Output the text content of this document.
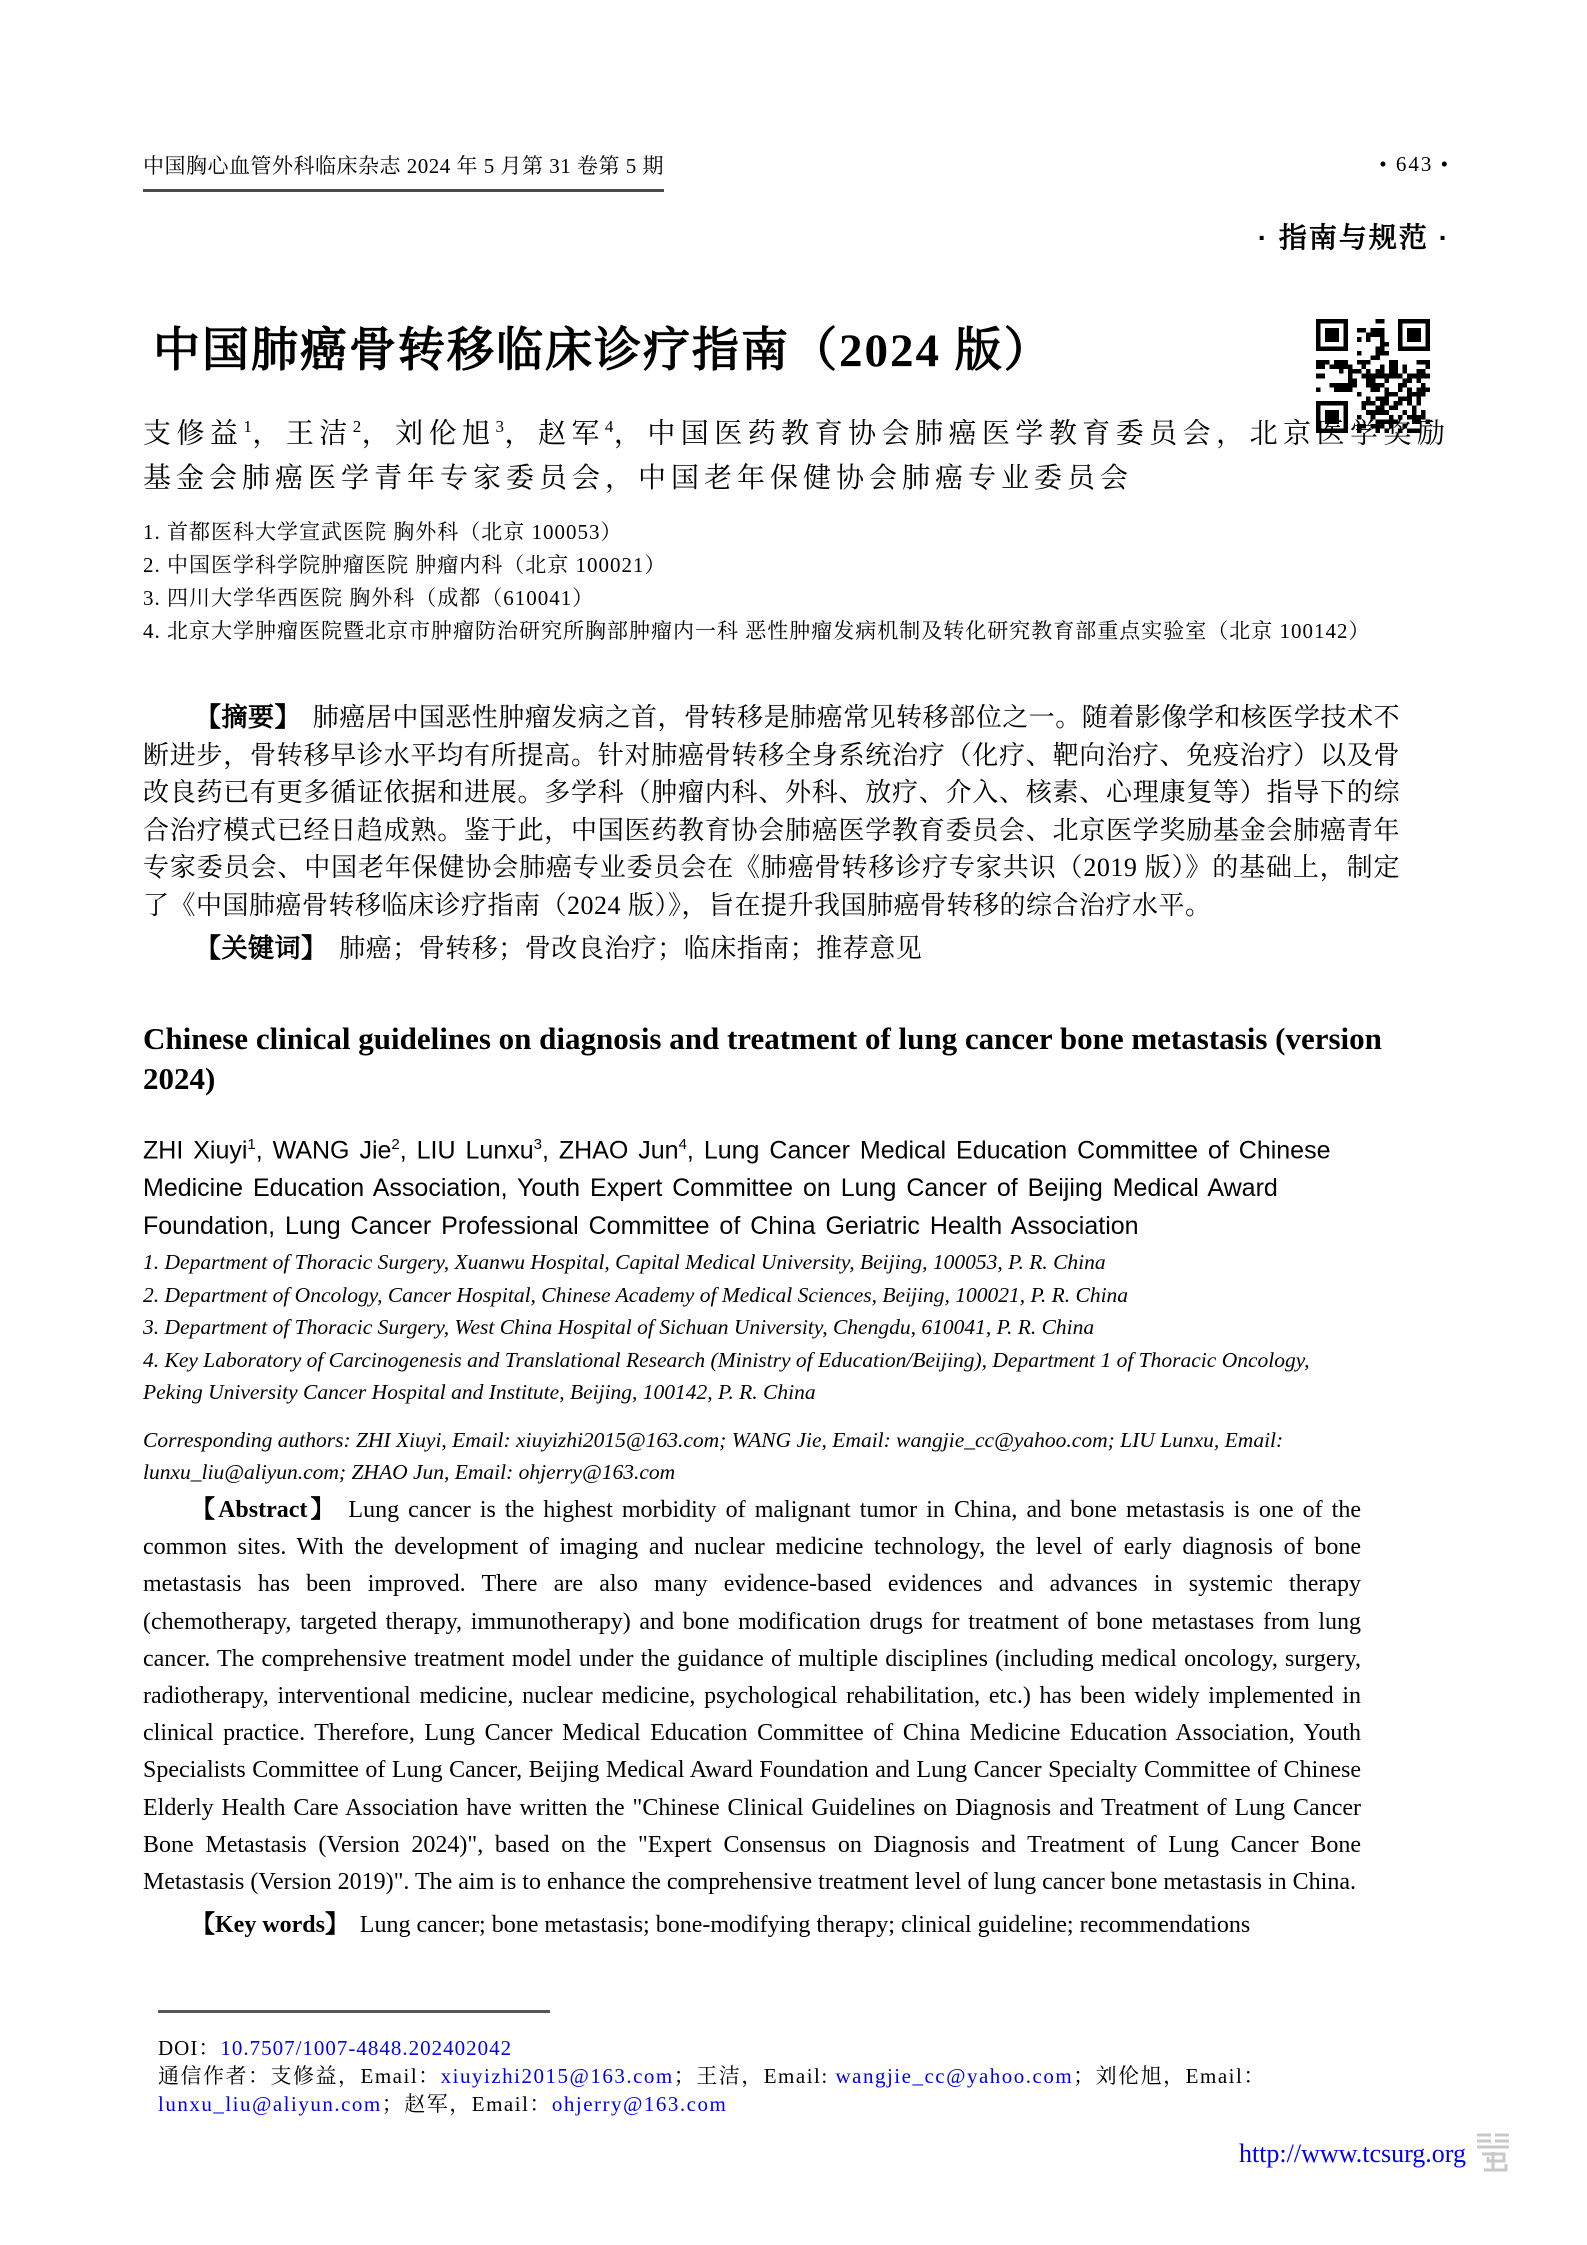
中国胸心血管外科临床杂志 2024 年 5 月第 31 卷第 5 期	• 643 •
· 指南与规范 ·
中国肺癌骨转移临床诊疗指南（2024 版）

支修益$^1$，王洁$^2$，刘伦旭$^3$，赵军$^4$，中国医药教育协会肺癌医学教育委员会，北京医学奖励基金会肺癌医学青年专家委员会，中国老年保健协会肺癌专业委员会

1. 首都医科大学宣武医院 胸外科（北京 100053）

2. 中国医学科学院肿瘤医院 肿瘤内科（北京 100021）

3. 四川大学华西医院 胸外科（成都（610041）

4. 北京大学肿瘤医院暨北京市肿瘤防治研究所胸部肿瘤内一科 恶性肿瘤发病机制及转化研究教育部重点实验室（北京 100142）

【摘要】 肺癌居中国恶性肿瘤发病之首，骨转移是肺癌常见转移部位之一。随着影像学和核医学技术不断进步，骨转移早诊水平均有所提高。针对肺癌骨转移全身系统治疗（化疗、靶向治疗、免疫治疗）以及骨改良药已有更多循证依据和进展。多学科（肿瘤内科、外科、放疗、介入、核素、心理康复等）指导下的综合治疗模式已经日趋成熟。鉴于此，中国医药教育协会肺癌医学教育委员会、北京医学奖励基金会肺癌青年专家委员会、中国老年保健协会肺癌专业委员会在《肺癌骨转移诊疗专家共识（2019 版）》的基础上，制定了《中国肺癌骨转移临床诊疗指南（2024 版）》，旨在提升我国肺癌骨转移的综合治疗水平。

【关键词】 肺癌；骨转移；骨改良治疗；临床指南；推荐意见

Chinese clinical guidelines on diagnosis and treatment of lung cancer bone metastasis (version 2024)

ZHI Xiuyi$^1$, WANG Jie$^2$, LIU Lunxu$^3$, ZHAO Jun$^4$, Lung Cancer Medical Education Committee of Chinese Medicine Education Association, Youth Expert Committee on Lung Cancer of Beijing Medical Award Foundation, Lung Cancer Professional Committee of China Geriatric Health Association

1. Department of Thoracic Surgery, Xuanwu Hospital, Capital Medical University, Beijing, 100053, P. R. China

2. Department of Oncology, Cancer Hospital, Chinese Academy of Medical Sciences, Beijing, 100021, P. R. China

3. Department of Thoracic Surgery, West China Hospital of Sichuan University, Chengdu, 610041, P. R. China

4. Key Laboratory of Carcinogenesis and Translational Research (Ministry of Education/Beijing), Department 1 of Thoracic Oncology, Peking University Cancer Hospital and Institute, Beijing, 100142, P. R. China

Corresponding authors: ZHI Xiuyi, Email: xiuyizhi2015@163.com; WANG Jie, Email: wangjie_cc@yahoo.com; LIU Lunxu, Email: lunxu_liu@aliyun.com; ZHAO Jun, Email: ohjerry@163.com

【Abstract】 Lung cancer is the highest morbidity of malignant tumor in China, and bone metastasis is one of the common sites. With the development of imaging and nuclear medicine technology, the level of early diagnosis of bone metastasis has been improved. There are also many evidence-based evidences and advances in systemic therapy (chemotherapy, targeted therapy, immunotherapy) and bone modification drugs for treatment of bone metastases from lung cancer. The comprehensive treatment model under the guidance of multiple disciplines (including medical oncology, surgery, radiotherapy, interventional medicine, nuclear medicine, psychological rehabilitation, etc.) has been widely implemented in clinical practice. Therefore, Lung Cancer Medical Education Committee of China Medicine Education Association, Youth Specialists Committee of Lung Cancer, Beijing Medical Award Foundation and Lung Cancer Specialty Committee of Chinese Elderly Health Care Association have written the "Chinese Clinical Guidelines on Diagnosis and Treatment of Lung Cancer Bone Metastasis (Version 2024)", based on the "Expert Consensus on Diagnosis and Treatment of Lung Cancer Bone Metastasis (Version 2019)". The aim is to enhance the comprehensive treatment level of lung cancer bone metastasis in China.

【Key words】 Lung cancer; bone metastasis; bone-modifying therapy; clinical guideline; recommendations

DOI：10.7507/1007-4848.202402042

通信作者：支修益，Email：xiuyizhi2015@163.com；王洁，Email: wangjie_cc@yahoo.com；刘伦旭，Email：lunxu_liu@aliyun.com；赵军，Email：ohjerry@163.com

http://www.tcsurg.org
